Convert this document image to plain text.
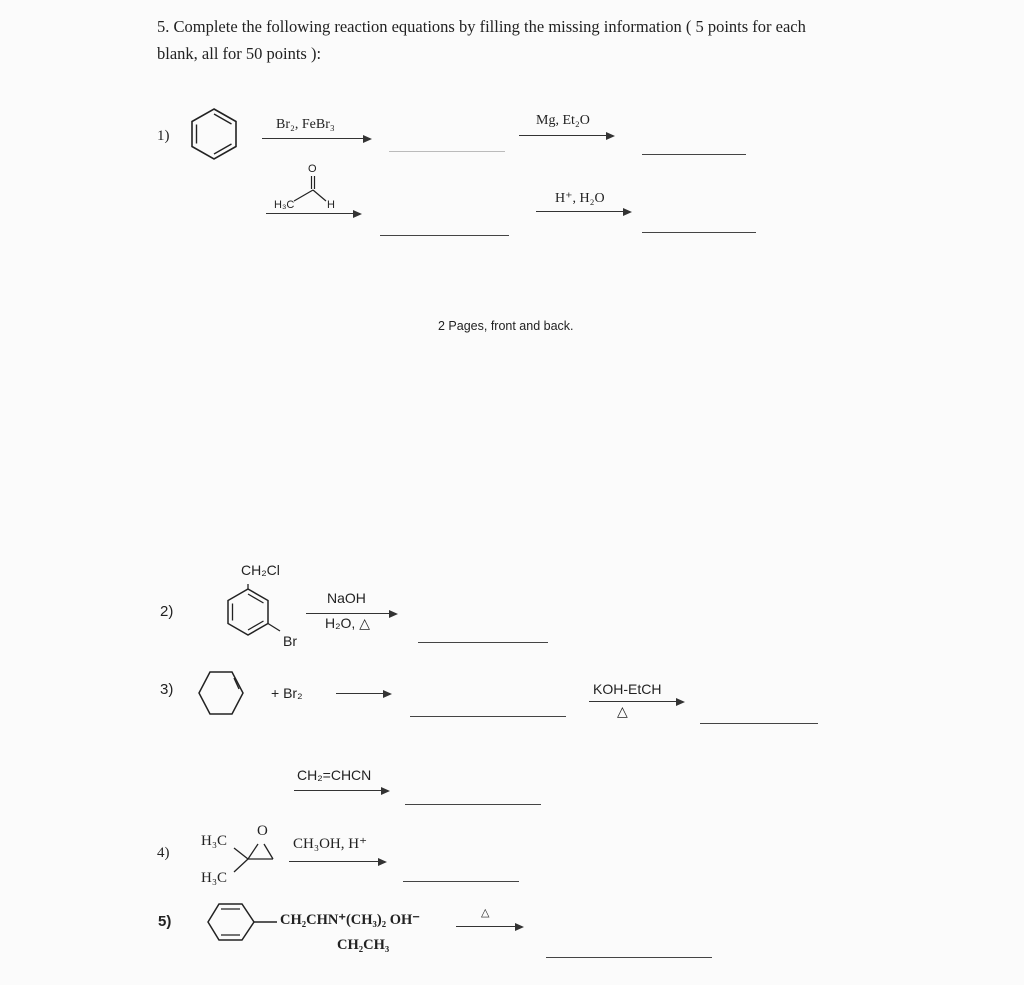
5. Complete the following reaction equations by filling the missing information ( 5 points for each
blank, all for 50 points ):
1)
Br₂, FeBr₃	Mg, Et₂O
O
H₃C	H	H⁺, H₂O
2 Pages, front and back.
2)
CH₂Cl
Br
NaOH
H₂O, △
3)	+ Br₂	KOH-EtCH
△
CH₂=CHCN
4)
H₃C
H₃C
O
CH₃OH, H⁺
5)	CH₂CHN⁺(CH₃)₂ OH⁻
CH₂CH₃
△
